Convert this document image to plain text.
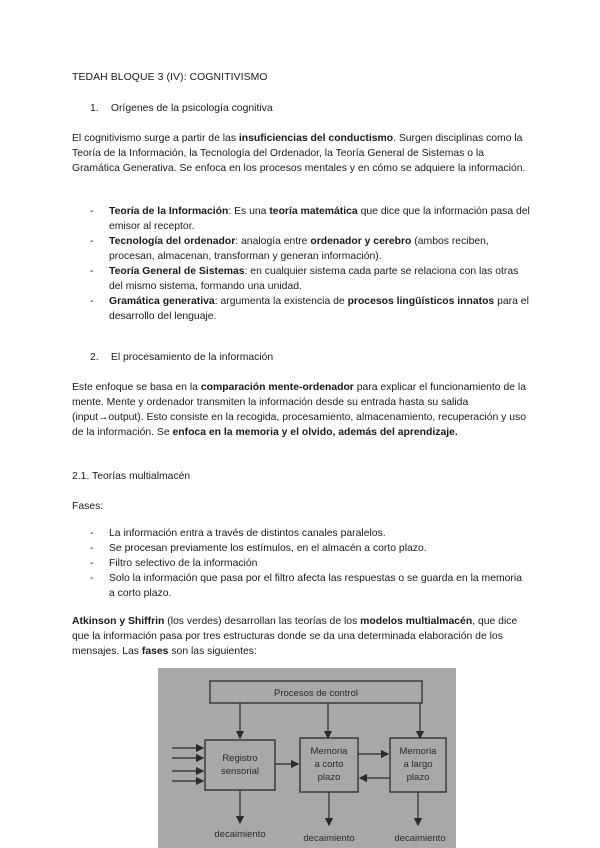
TEDAH BLOQUE 3 (IV): COGNITIVISMO

1. Orígenes de la psicología cognitiva

El cognitivismo surge a partir de las insuficiencias del conductismo. Surgen disciplinas como la Teoría de la Información, la Tecnología del Ordenador, la Teoría General de Sistemas o la Gramática Generativa. Se enfoca en los procesos mentales y en cómo se adquiere la información.

- Teoría de la Información: Es una teoría matemática que dice que la información pasa del emisor al receptor.
- Tecnología del ordenador: analogía entre ordenador y cerebro (ambos reciben, procesan, almacenan, transforman y generan información).
- Teoría General de Sistemas: en cualquier sistema cada parte se relaciona con las otras del mismo sistema, formando una unidad.
- Gramática generativa: argumenta la existencia de procesos lingüísticos innatos para el desarrollo del lenguaje.

2. El procesamiento de la información

Este enfoque se basa en la comparación mente-ordenador para explicar el funcionamiento de la mente. Mente y ordenador transmiten la información desde su entrada hasta su salida (input→output). Esto consiste en la recogida, procesamiento, almacenamiento, recuperación y uso de la información. Se enfoca en la memoria y el olvido, además del aprendizaje.

2.1. Teorías multialmacén

Fases:

- La información entra a través de distintos canales paralelos.
- Se procesan previamente los estímulos, en el almacén a corto plazo.
- Filtro selectivo de la información
- Solo la información que pasa por el filtro afecta las respuestas o se guarda en la memoria a corto plazo.

Atkinson y Shiffrin (los verdes) desarrollan las teorías de los modelos multialmacén, que dice que la información pasa por tres estructuras donde se da una determinada elaboración de los mensajes. Las fases son las siguientes:

Procesos de control
Registro
sensorial
Memoria
a corto
plazo
Memoria
a largo
plazo
decaimiento	decaimiento	decaimiento
